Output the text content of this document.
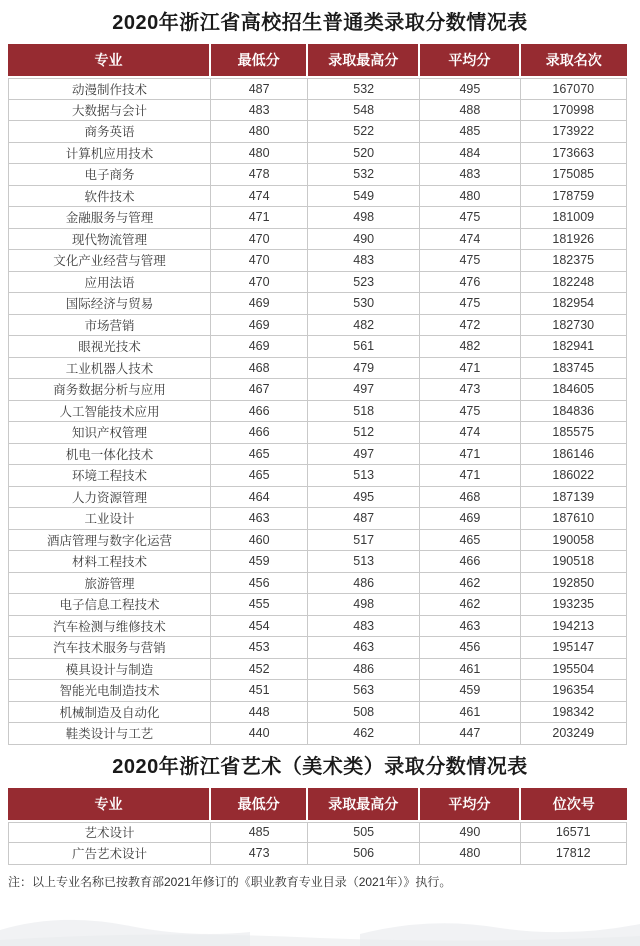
2020年浙江省高校招生普通类录取分数情况表
专业	最低分	录取最高分	平均分	录取名次
动漫制作技术	487	532	495	167070
大数据与会计	483	548	488	170998
商务英语	480	522	485	173922
计算机应用技术	480	520	484	173663
电子商务	478	532	483	175085
软件技术	474	549	480	178759
金融服务与管理	471	498	475	181009
现代物流管理	470	490	474	181926
文化产业经营与管理	470	483	475	182375
应用法语	470	523	476	182248
国际经济与贸易	469	530	475	182954
市场营销	469	482	472	182730
眼视光技术	469	561	482	182941
工业机器人技术	468	479	471	183745
商务数据分析与应用	467	497	473	184605
人工智能技术应用	466	518	475	184836
知识产权管理	466	512	474	185575
机电一体化技术	465	497	471	186146
环境工程技术	465	513	471	186022
人力资源管理	464	495	468	187139
工业设计	463	487	469	187610
酒店管理与数字化运营	460	517	465	190058
材料工程技术	459	513	466	190518
旅游管理	456	486	462	192850
电子信息工程技术	455	498	462	193235
汽车检测与维修技术	454	483	463	194213
汽车技术服务与营销	453	463	456	195147
模具设计与制造	452	486	461	195504
智能光电制造技术	451	563	459	196354
机械制造及自动化	448	508	461	198342
鞋类设计与工艺	440	462	447	203249
2020年浙江省艺术（美术类）录取分数情况表
专业	最低分	录取最高分	平均分	位次号
艺术设计	485	505	490	16571
广告艺术设计	473	506	480	17812
注：以上专业名称已按教育部2021年修订的《职业教育专业目录（2021年）》执行。
